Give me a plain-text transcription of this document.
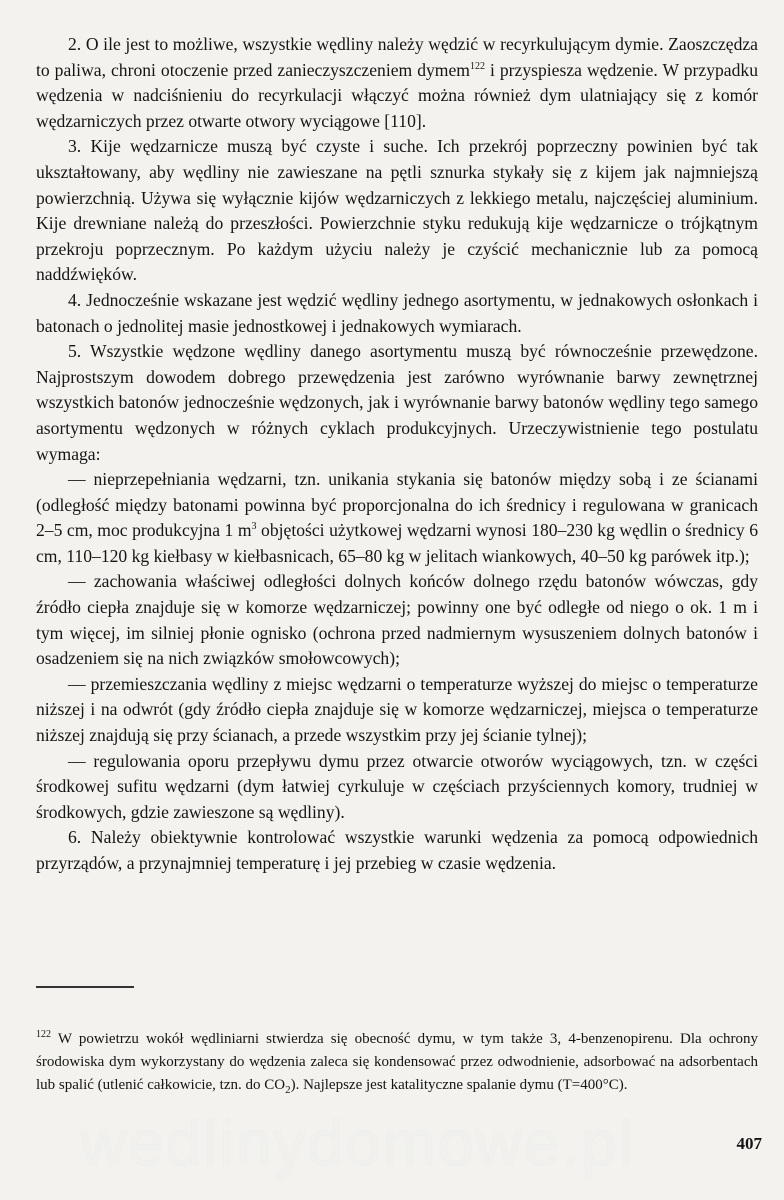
2. O ile jest to możliwe, wszystkie wędliny należy wędzić w recyrkulującym dymie. Zaoszczędza to paliwa, chroni otoczenie przed zanieczyszczeniem dymem$^{122}$ i przyspiesza wędzenie. W przypadku wędzenia w nadciśnieniu do recyrkulacji włączyć można również dym ulatniający się z komór wędzarniczych przez otwarte otwory wyciągowe [110].

3. Kije wędzarnicze muszą być czyste i suche. Ich przekrój poprzeczny powinien być tak ukształtowany, aby wędliny nie zawieszane na pętli sznurka stykały się z kijem jak najmniejszą powierzchnią. Używa się wyłącznie kijów wędzarniczych z lekkiego metalu, najczęściej aluminium. Kije drewniane należą do przeszłości. Powierzchnie styku redukują kije wędzarnicze o trójkątnym przekroju poprzecznym. Po każdym użyciu należy je czyścić mechanicznie lub za pomocą naddźwięków.

4. Jednocześnie wskazane jest wędzić wędliny jednego asortymentu, w jednakowych osłonkach i batonach o jednolitej masie jednostkowej i jednakowych wymiarach.

5. Wszystkie wędzone wędliny danego asortymentu muszą być równocześnie przewędzone. Najprostszym dowodem dobrego przewędzenia jest zarówno wyrównanie barwy zewnętrznej wszystkich batonów jednocześnie wędzonych, jak i wyrównanie barwy batonów wędliny tego samego asortymentu wędzonych w różnych cyklach produkcyjnych. Urzeczywistnienie tego postulatu wymaga:

— nieprzepełniania wędzarni, tzn. unikania stykania się batonów między sobą i ze ścianami (odległość między batonami powinna być proporcjonalna do ich średnicy i regulowana w granicach 2–5 cm, moc produkcyjna 1 m$^3$ objętości użytkowej wędzarni wynosi 180–230 kg wędlin o średnicy 6 cm, 110–120 kg kiełbasy w kiełbasnicach, 65–80 kg w jelitach wiankowych, 40–50 kg parówek itp.);

— zachowania właściwej odległości dolnych końców dolnego rzędu batonów wówczas, gdy źródło ciepła znajduje się w komorze wędzarniczej; powinny one być odległe od niego o ok. 1 m i tym więcej, im silniej płonie ognisko (ochrona przed nadmiernym wysuszeniem dolnych batonów i osadzeniem się na nich związków smołowcowych);

— przemieszczania wędliny z miejsc wędzarni o temperaturze wyższej do miejsc o temperaturze niższej i na odwrót (gdy źródło ciepła znajduje się w komorze wędzarniczej, miejsca o temperaturze niższej znajdują się przy ścianach, a przede wszystkim przy jej ścianie tylnej);

— regulowania oporu przepływu dymu przez otwarcie otworów wyciągowych, tzn. w części środkowej sufitu wędzarni (dym łatwiej cyrkuluje w częściach przyściennych komory, trudniej w środkowych, gdzie zawieszone są wędliny).

6. Należy obiektywnie kontrolować wszystkie warunki wędzenia za pomocą odpowiednich przyrządów, a przynajmniej temperaturę i jej przebieg w czasie wędzenia.

$^{122}$ W powietrzu wokół wędliniarni stwierdza się obecność dymu, w tym także 3, 4-benzenopirenu. Dla ochrony środowiska dym wykorzystany do wędzenia zaleca się kondensować przez odwodnienie, adsorbować na adsorbentach lub spalić (utlenić całkowicie, tzn. do $CO_2$). Najlepsze jest katalityczne spalanie dymu (T=400°C).
wedlinydomowe.pl	407
